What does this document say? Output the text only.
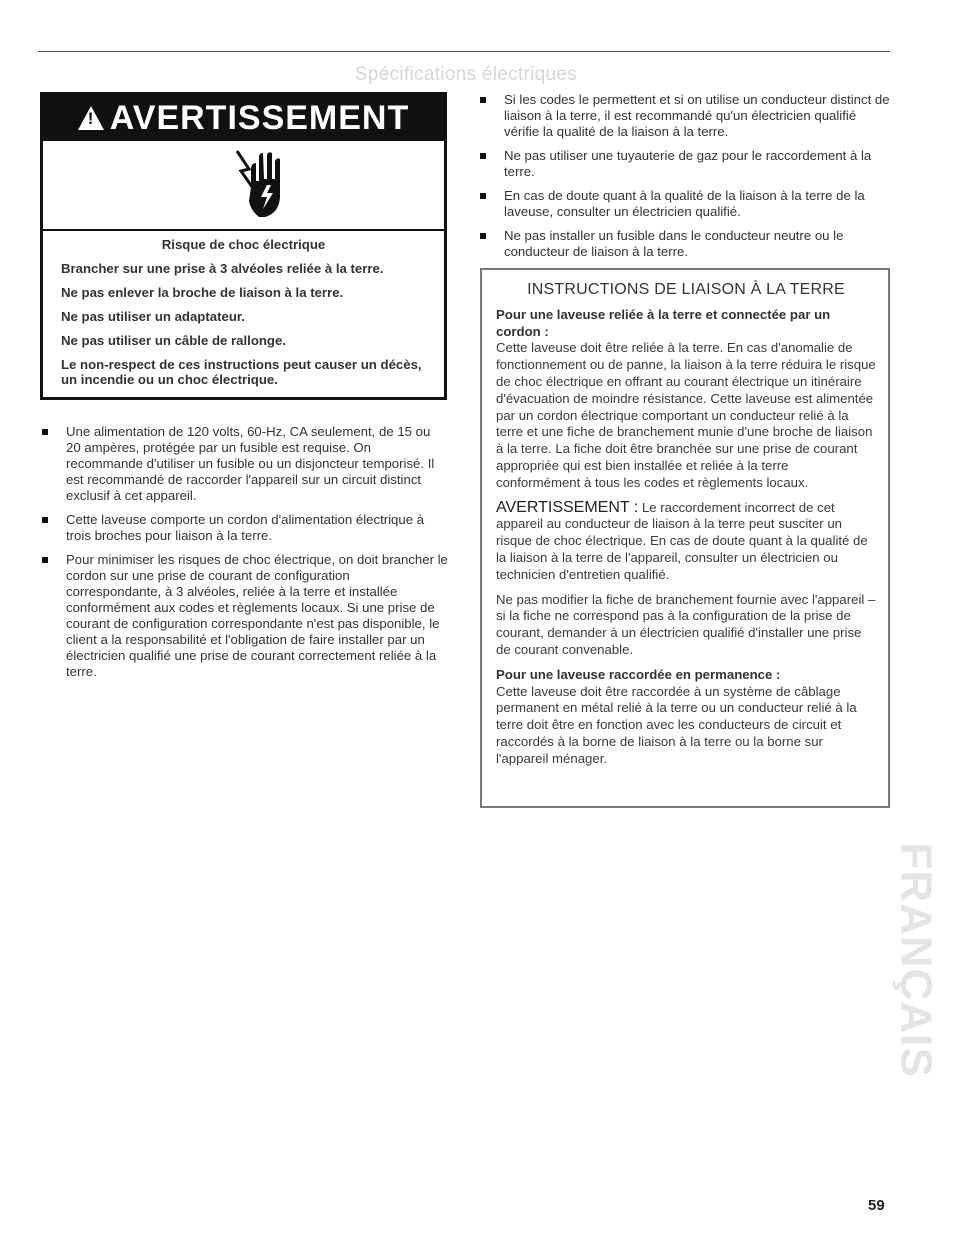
Spécifications électriques
! AVERTISSEMENT
Risque de choc électrique
Brancher sur une prise à 3 alvéoles reliée à la terre.
Ne pas enlever la broche de liaison à la terre.
Ne pas utiliser un adaptateur.
Ne pas utiliser un câble de rallonge.
Le non-respect de ces instructions peut causer un décès, un incendie ou un choc électrique.
Une alimentation de 120 volts, 60-Hz, CA seulement, de 15 ou 20 ampères, protégée par un fusible est requise. On recommande d'utiliser un fusible ou un disjoncteur temporisé. Il est recommandé de raccorder l'appareil sur un circuit distinct exclusif à cet appareil.
Cette laveuse comporte un cordon d'alimentation électrique à trois broches pour liaison à la terre.
Pour minimiser les risques de choc électrique, on doit brancher le cordon sur une prise de courant de configuration correspondante, à 3 alvéoles, reliée à la terre et installée conformément aux codes et règlements locaux. Si une prise de courant de configuration correspondante n'est pas disponible, le client a la responsabilité et l'obligation de faire installer par un électricien qualifié une prise de courant correctement reliée à la terre.
Si les codes le permettent et si on utilise un conducteur distinct de liaison à la terre, il est recommandé qu'un électricien qualifié vérifie la qualité de la liaison à la terre.
Ne pas utiliser une tuyauterie de gaz pour le raccordement à la terre.
En cas de doute quant à la qualité de la liaison à la terre de la laveuse, consulter un électricien qualifié.
Ne pas installer un fusible dans le conducteur neutre ou le conducteur de liaison à la terre.
INSTRUCTIONS DE LIAISON À LA TERRE
Pour une laveuse reliée à la terre et connectée par un cordon :
Cette laveuse doit être reliée à la terre. En cas d'anomalie de fonctionnement ou de panne, la liaison à la terre réduira le risque de choc électrique en offrant au courant électrique un itinéraire d'évacuation de moindre résistance. Cette laveuse est alimentée par un cordon électrique comportant un conducteur relié à la terre et une fiche de branchement munie d'une broche de liaison à la terre. La fiche doit être branchée sur une prise de courant appropriée qui est bien installée et reliée à la terre conformément à tous les codes et règlements locaux.
AVERTISSEMENT : Le raccordement incorrect de cet appareil au conducteur de liaison à la terre peut susciter un risque de choc électrique. En cas de doute quant à la qualité de la liaison à la terre de l'appareil, consulter un électricien ou technicien d'entretien qualifié.
Ne pas modifier la fiche de branchement fournie avec l'appareil – si la fiche ne correspond pas à la configuration de la prise de courant, demander à un électricien qualifié d'installer une prise de courant convenable.
Pour une laveuse raccordée en permanence :
Cette laveuse doit être raccordée à un système de câblage permanent en métal relié à la terre ou un conducteur relié à la terre doit être en fonction avec les conducteurs de circuit et raccordés à la borne de liaison à la terre ou la borne sur l'appareil ménager.
FRANÇAIS
59
